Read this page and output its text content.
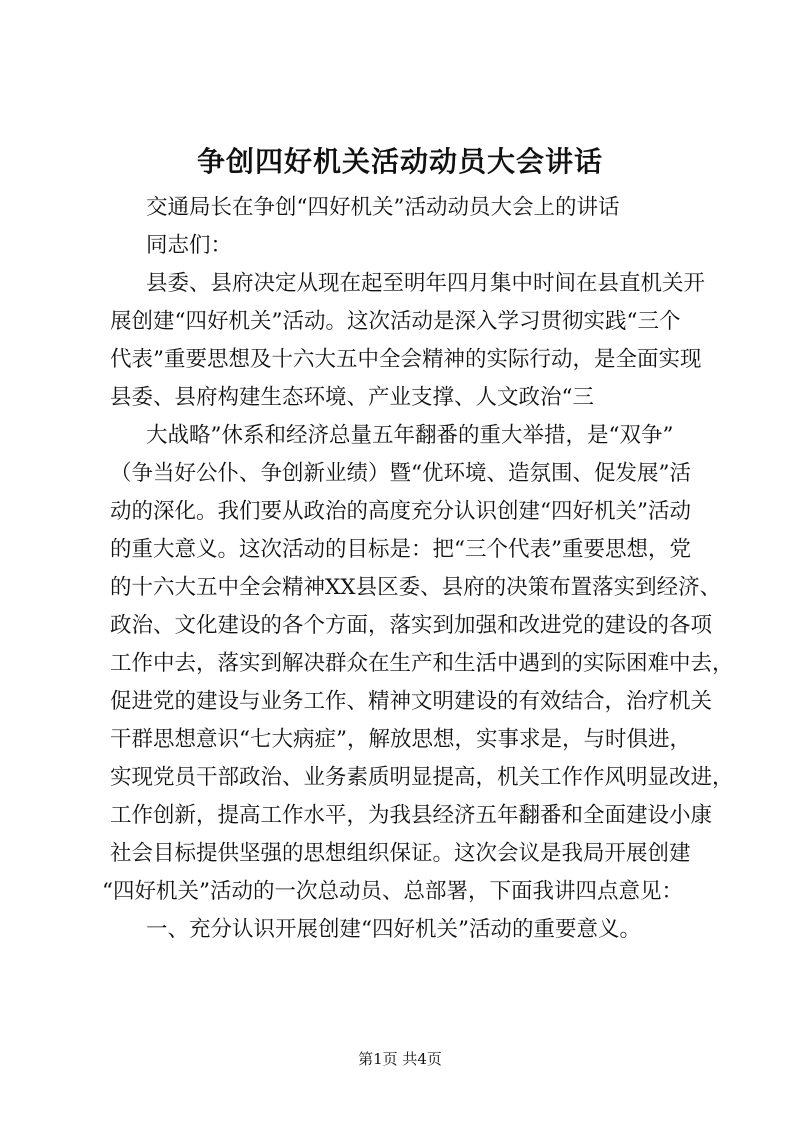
争创四好机关活动动员大会讲话

交通局长在争创“四好机关”活动动员大会上的讲话

同志们：

县委、县府决定从现在起至明年四月集中时间在县直机关开

展创建“四好机关”活动。这次活动是深入学习贯彻实践“三个

代表”重要思想及十六大五中全会精神的实际行动，是全面实现

县委、县府构建生态环境、产业支撑、人文政治“三

大战略”休系和经济总量五年翻番的重大举措，是“双争”

（争当好公仆、争创新业绩）暨“优环境、造氛围、促发展”活

动的深化。我们要从政治的高度充分认识创建“四好机关”活动

的重大意义。这次活动的目标是：把“三个代表”重要思想，党

的十六大五中全会精神XX县区委、县府的决策布置落实到经济、

政治、文化建设的各个方面，落实到加强和改进党的建设的各项

工作中去，落实到解决群众在生产和生活中遇到的实际困难中去，

促进党的建设与业务工作、精神文明建设的有效结合，治疗机关

干群思想意识“七大病症”，解放思想，实事求是，与时俱进，

实现党员干部政治、业务素质明显提高，机关工作作风明显改进，

工作创新，提高工作水平，为我县经济五年翻番和全面建设小康

社会目标提供坚强的思想组织保证。这次会议是我局开展创建

“四好机关”活动的一次总动员、总部署，下面我讲四点意见：

一、充分认识开展创建“四好机关”活动的重要意义。

第1页 共4页
